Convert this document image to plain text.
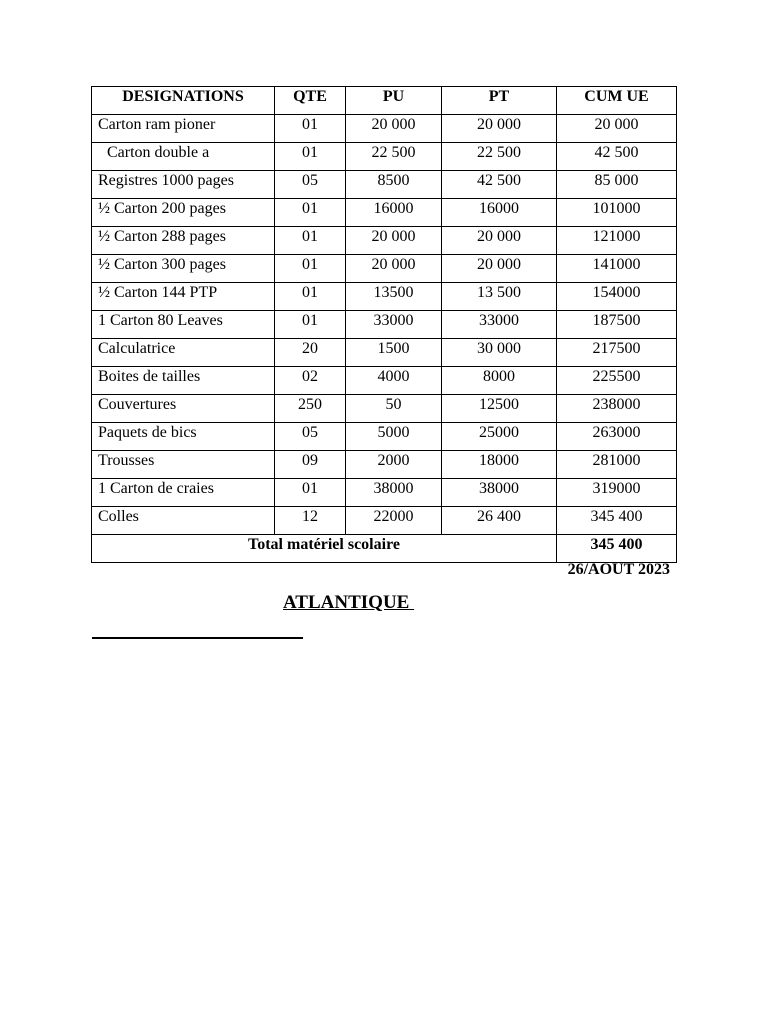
DESIGNATIONS	QTE	PU	PT	CUM UE
Carton ram pioner	01	20 000	20 000	20 000
Carton double a	01	22 500	22 500	42 500
Registres 1000 pages	05	8500	42 500	85 000
½ Carton 200 pages	01	16000	16000	101000
½ Carton 288 pages	01	20 000	20 000	121000
½ Carton 300 pages	01	20 000	20 000	141000
½ Carton 144 PTP	01	13500	13 500	154000
1 Carton 80 Leaves	01	33000	33000	187500
Calculatrice	20	1500	30 000	217500
Boites de tailles	02	4000	8000	225500
Couvertures	250	50	12500	238000
Paquets de bics	05	5000	25000	263000
Trousses	09	2000	18000	281000
1 Carton de craies	01	38000	38000	319000
Colles	12	22000	26 400	345 400
Total matériel scolaire				345 400
26/AOUT 2023
ATLANTIQUE
